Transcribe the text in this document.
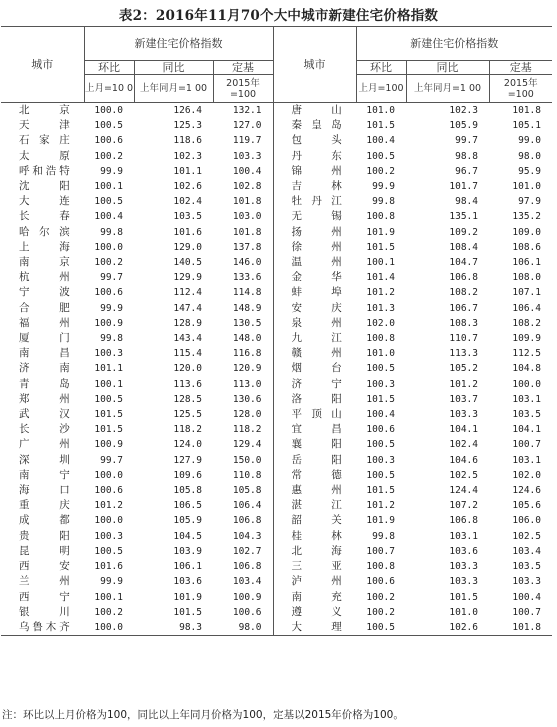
表2：2016年11月70个大中城市新建住宅价格指数
城市	新建住宅价格指数			城市	新建住宅价格指数		
	环比	同比	定基		环比	同比	定基
	上月=10 0	上年同月=1 00	2015年 =100		上月=100	上年同月=1 00	2015年 =100
北京	100.0	126.4	132.1	唐山	101.0	102.3	101.8
天津	100.5	125.3	127.0	秦皇岛	101.5	105.9	105.1
石家庄	100.6	118.6	119.7	包头	100.4	99.7	99.0
太原	100.2	102.3	103.3	丹东	100.5	98.8	98.0
呼和浩特	99.9	101.1	100.4	锦州	100.2	96.7	95.9
沈阳	100.1	102.6	102.8	吉林	99.9	101.7	101.0
大连	100.5	102.4	101.8	牡丹江	99.8	98.4	97.9
长春	100.4	103.5	103.0	无锡	100.8	135.1	135.2
哈尔滨	99.8	101.6	101.8	扬州	101.9	109.2	109.0
上海	100.0	129.0	137.8	徐州	101.5	108.4	108.6
南京	100.2	140.5	146.0	温州	100.1	104.7	106.1
杭州	99.7	129.9	133.6	金华	101.4	106.8	108.0
宁波	100.6	112.4	114.8	蚌埠	101.2	108.2	107.1
合肥	99.9	147.4	148.9	安庆	101.3	106.7	106.4
福州	100.9	128.9	130.5	泉州	102.0	108.3	108.2
厦门	99.8	143.4	148.0	九江	100.8	110.7	109.9
南昌	100.3	115.4	116.8	赣州	101.0	113.3	112.5
济南	101.1	120.0	120.9	烟台	100.5	105.2	104.8
青岛	100.1	113.6	113.0	济宁	100.3	101.2	100.0
郑州	100.5	128.5	130.6	洛阳	101.5	103.7	103.1
武汉	101.5	125.5	128.0	平顶山	100.4	103.3	103.5
长沙	101.5	118.2	118.2	宜昌	100.6	104.1	104.1
广州	100.9	124.0	129.4	襄阳	100.5	102.4	100.7
深圳	99.7	127.9	150.0	岳阳	100.3	104.6	103.1
南宁	100.0	109.6	110.8	常德	100.5	102.5	102.0
海口	100.6	105.8	105.8	惠州	101.5	124.4	124.6
重庆	101.2	106.5	106.4	湛江	101.2	107.2	105.6
成都	100.0	105.9	106.8	韶关	101.9	106.8	106.0
贵阳	100.3	104.5	104.3	桂林	99.8	103.1	102.5
昆明	100.5	103.9	102.7	北海	100.7	103.6	103.4
西安	101.6	106.1	106.8	三亚	100.8	103.3	103.5
兰州	99.9	103.6	103.4	泸州	100.6	103.3	103.3
西宁	100.1	101.9	100.9	南充	100.2	101.5	100.4
银川	100.2	101.5	100.6	遵义	100.2	101.0	100.7
乌鲁木齐	100.0	98.3	98.0	大理	100.5	102.6	101.8
注：环比以上月价格为100，同比以上年同月价格为100，定基以2015年价格为100。
